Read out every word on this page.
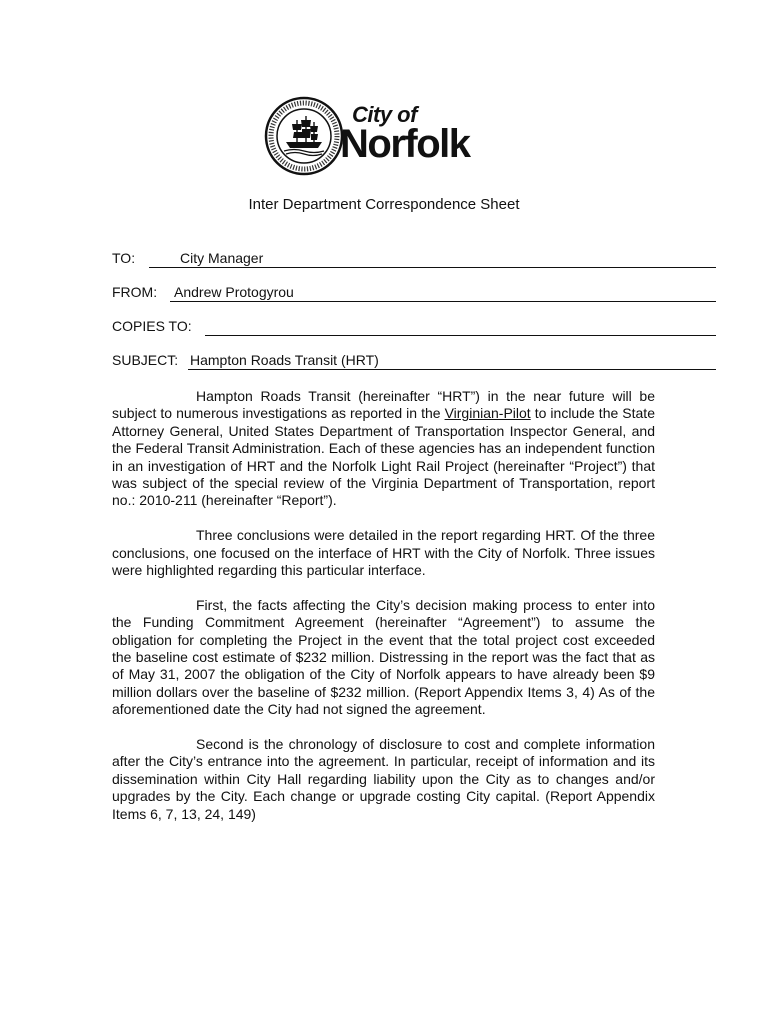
City of
Norfolk
Inter Department Correspondence Sheet
TO:	City Manager
FROM: Andrew Protogyrou
COPIES TO:
SUBJECT: Hampton Roads Transit (HRT)

Hampton Roads Transit (hereinafter “HRT”) in the near future will be subject to numerous investigations as reported in the Virginian-Pilot to include the State Attorney General, United States Department of Transportation Inspector General, and the Federal Transit Administration. Each of these agencies has an independent function in an investigation of HRT and the Norfolk Light Rail Project (hereinafter “Project”) that was subject of the special review of the Virginia Department of Transportation, report no.: 2010-211 (hereinafter “Report”).

Three conclusions were detailed in the report regarding HRT. Of the three conclusions, one focused on the interface of HRT with the City of Norfolk. Three issues were highlighted regarding this particular interface.

First, the facts affecting the City’s decision making process to enter into the Funding Commitment Agreement (hereinafter “Agreement”) to assume the obligation for completing the Project in the event that the total project cost exceeded the baseline cost estimate of $232 million. Distressing in the report was the fact that as of May 31, 2007 the obligation of the City of Norfolk appears to have already been $9 million dollars over the baseline of $232 million. (Report Appendix Items 3, 4) As of the aforementioned date the City had not signed the agreement.

Second is the chronology of disclosure to cost and complete information after the City’s entrance into the agreement. In particular, receipt of information and its dissemination within City Hall regarding liability upon the City as to changes and/or upgrades by the City. Each change or upgrade costing City capital. (Report Appendix Items 6, 7, 13, 24, 149)
